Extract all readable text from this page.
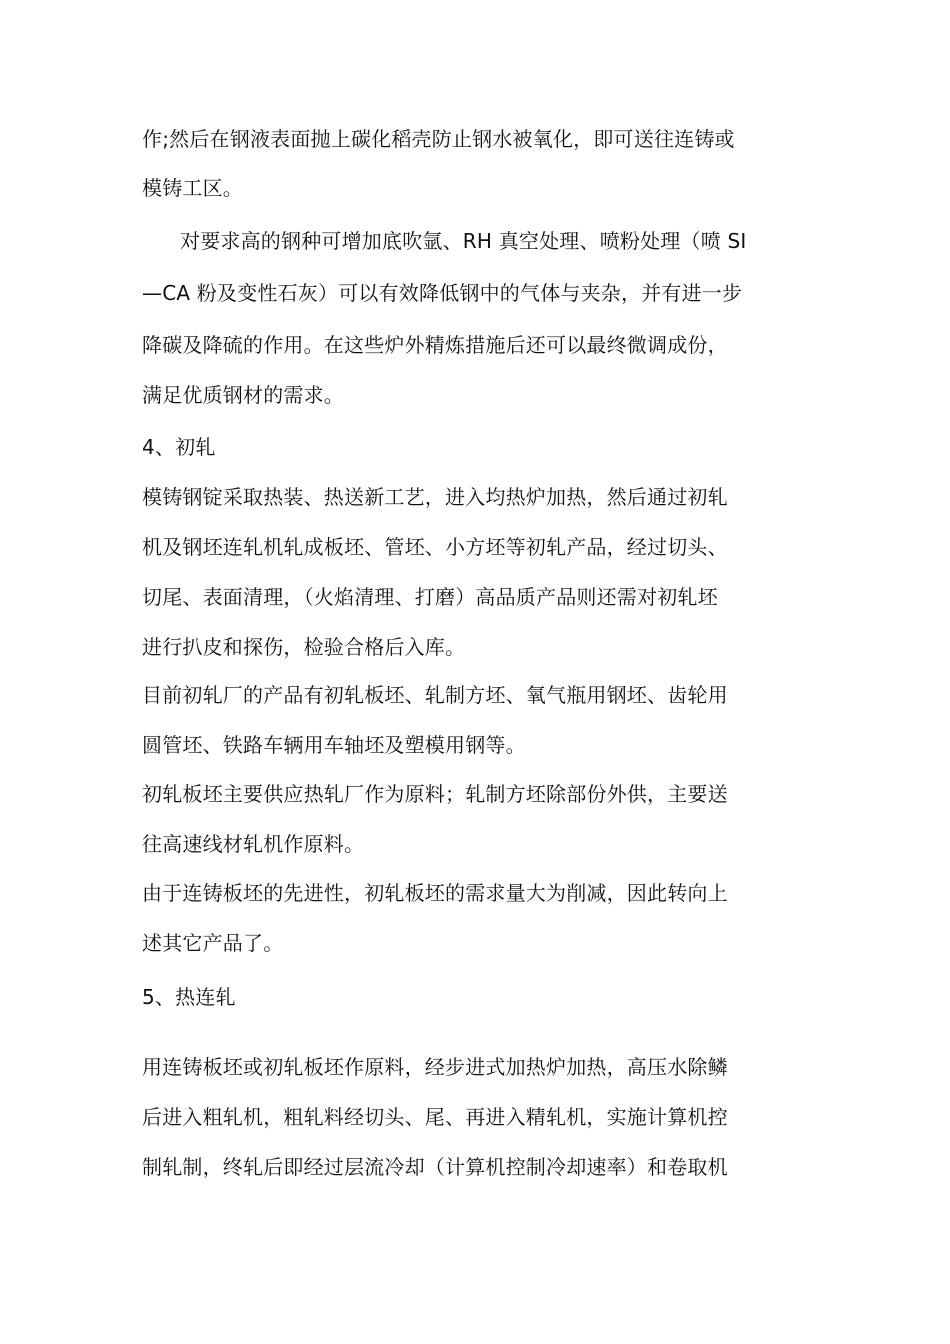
作;然后在钢液表面抛上碳化稻壳防止钢水被氧化，即可送往连铸或
模铸工区。
对要求高的钢种可增加底吹氩、RH 真空处理、喷粉处理（喷 SI
—CA 粉及变性石灰）可以有效降低钢中的气体与夹杂，并有进一步
降碳及降硫的作用。在这些炉外精炼措施后还可以最终微调成份，
满足优质钢材的需求。
4、初轧
模铸钢锭采取热装、热送新工艺，进入均热炉加热，然后通过初轧
机及钢坯连轧机轧成板坯、管坯、小方坯等初轧产品，经过切头、
切尾、表面清理，（火焰清理、打磨）高品质产品则还需对初轧坯
进行扒皮和探伤，检验合格后入库。
目前初轧厂的产品有初轧板坯、轧制方坯、氧气瓶用钢坯、齿轮用
圆管坯、铁路车辆用车轴坯及塑模用钢等。
初轧板坯主要供应热轧厂作为原料；轧制方坯除部份外供，主要送
往高速线材轧机作原料。
由于连铸板坯的先进性，初轧板坯的需求量大为削减，因此转向上
述其它产品了。
5、热连轧
用连铸板坯或初轧板坯作原料，经步进式加热炉加热，高压水除鳞
后进入粗轧机，粗轧料经切头、尾、再进入精轧机，实施计算机控
制轧制，终轧后即经过层流冷却（计算机控制冷却速率）和卷取机
